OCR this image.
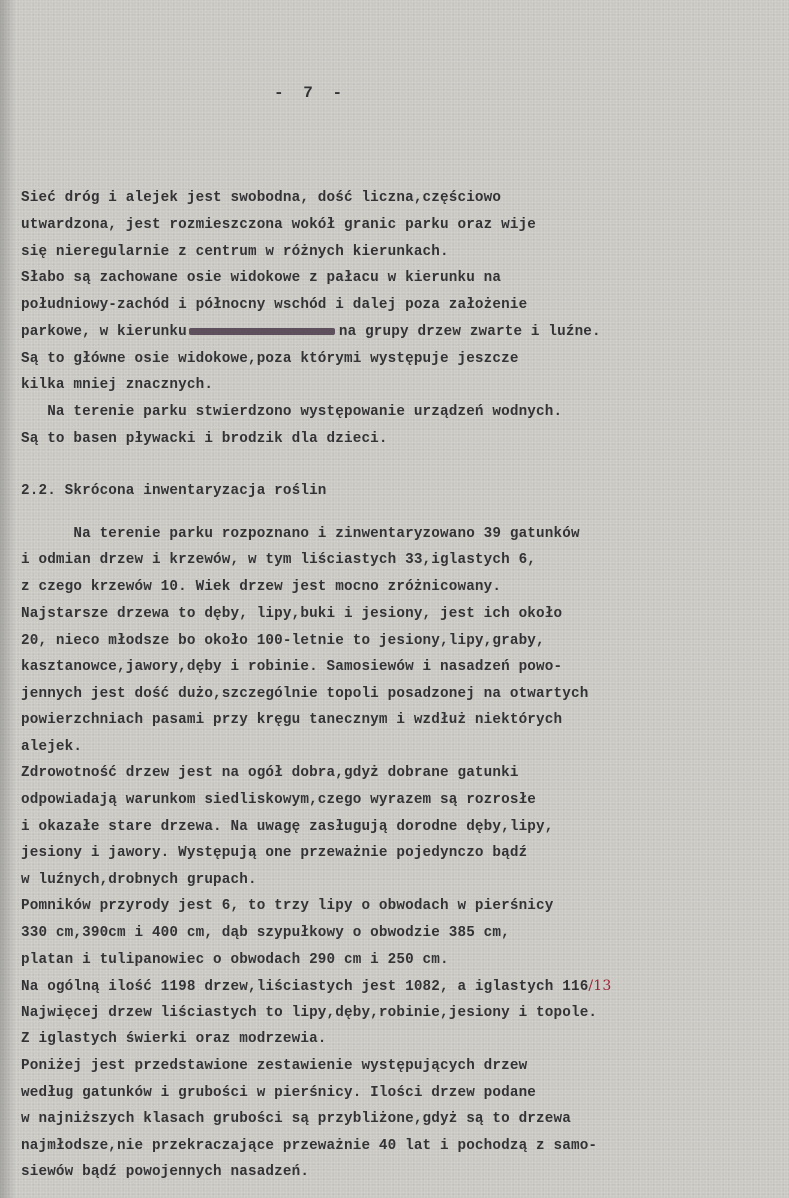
-  7  -
Sieć dróg i alejek jest swobodna, dość liczna,częściowo
utwardzona, jest rozmieszczona wokół granic parku oraz wije
się nieregularnie z centrum w różnych kierunkach.
Słabo są zachowane osie widokowe z pałacu w kierunku na
południowy-zachód i północny wschód i dalej poza założenie
parkowe, w kierunku	na grupy drzew zwarte i luźne.
Są to główne osie widokowe,poza którymi występuje jeszcze
kilka mniej znacznych.
Na terenie parku stwierdzono występowanie urządzeń wodnych.
Są to basen pływacki i brodzik dla dzieci.
2.2. Skrócona inwentaryzacja roślin
Na terenie parku rozpoznano i zinwentaryzowano 39 gatunków
i odmian drzew i krzewów, w tym liściastych 33,iglastych 6,
z czego krzewów 10. Wiek drzew jest mocno zróżnicowany.
Najstarsze drzewa to dęby, lipy,buki i jesiony, jest ich około
20, nieco młodsze bo około 100-letnie to jesiony,lipy,graby,
kasztanowce,jawory,dęby i robinie. Samosiewów i nasadzeń powo-
jennych jest dość dużo,szczególnie topoli posadzonej na otwartych
powierzchniach pasami przy kręgu tanecznym i wzdłuż niektórych
alejek.
Zdrowotność drzew jest na ogół dobra,gdyż dobrane gatunki
odpowiadają warunkom siedliskowym,czego wyrazem są rozrosłe
i okazałe stare drzewa. Na uwagę zasługują dorodne dęby,lipy,
jesiony i jawory. Występują one przeważnie pojedynczo bądź
w luźnych,drobnych grupach.
Pomników przyrody jest 6, to trzy lipy o obwodach w pierśnicy
330 cm,390cm i 400 cm, dąb szypułkowy o obwodzie 385 cm,
platan i tulipanowiec o obwodach 290 cm i 250 cm.
Na ogólną ilość 1198 drzew,liściastych jest 1082, a iglastych 116/13
Najwięcej drzew liściastych to lipy,dęby,robinie,jesiony i topole.
Z iglastych świerki oraz modrzewia.
Poniżej jest przedstawione zestawienie występujących drzew
według gatunków i grubości w pierśnicy. Ilości drzew podane
w najniższych klasach grubości są przybliżone,gdyż są to drzewa
najmłodsze,nie przekraczające przeważnie 40 lat i pochodzą z samo-
siewów bądź powojennych nasadzeń.
